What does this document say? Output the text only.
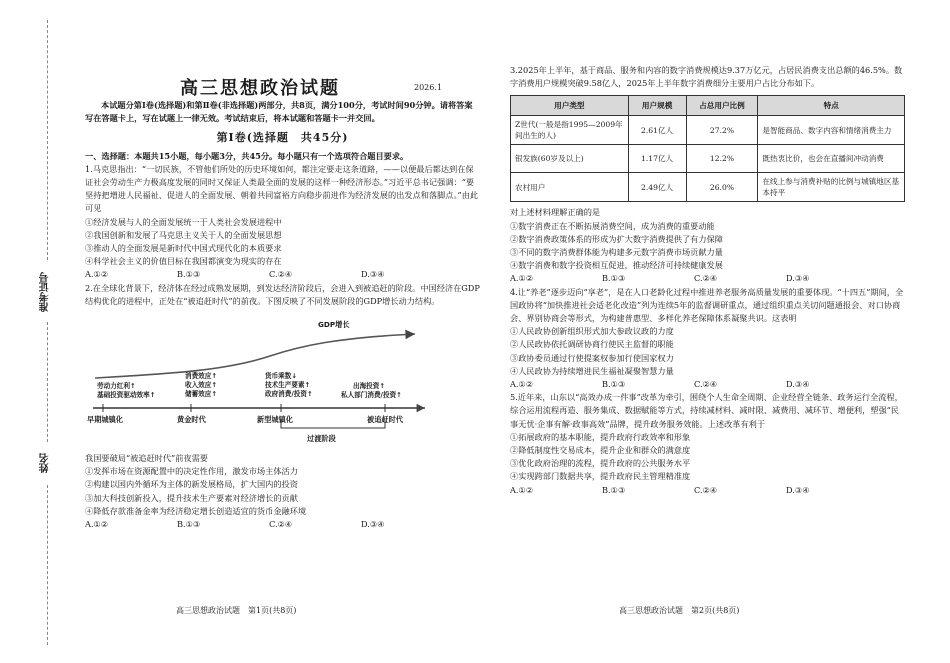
准考证号
姓名
高三思想政治试题	2026.1
本试题分第Ⅰ卷(选择题)和第Ⅱ卷(非选择题)两部分，共8页，满分100分，考试时间90分钟。请将答案写在答题卡上，写在试题上一律无效。考试结束后，将本试题和答题卡一并交回。
第Ⅰ卷(选择题　共45分)
一、选择题：本题共15小题，每小题3分，共45分。每小题只有一个选项符合题目要求。
1.马克思指出：“一切民族，不管他们所处的历史环境如何，都注定要走这条道路，——以便最后都达到在保证社会劳动生产力极高度发展的同时又保证人类最全面的发展的这样一种经济形态。”习近平总书记强调：“要坚持把增进人民福祉、促进人的全面发展、朝着共同富裕方向稳步前进作为经济发展的出发点和落脚点。”由此可见
①经济发展与人的全面发展统一于人类社会发展进程中
②我国创新和发展了马克思主义关于人的全面发展思想
③推动人的全面发展是新时代中国式现代化的本质要求
④科学社会主义的价值目标在我国都演变为现实的存在
A.①②	B.①③	C.②④	D.③④
2.在全球化背景下，经济体在经过成熟发展期，到发达经济阶段后，会进入到被追赶的阶段。中国经济在GDP结构优化的进程中，正处在“被追赶时代”的前夜。下图反映了不同发展阶段的GDP增长动力结构。
GDP增长
劳动力红利↑
基础投资驱动效率↑
消费效应↑
收入效应↑
储蓄效应↑
货币乘数↓
技术生产要素↑
政府消费/投资↑
出海投资↑
私人部门消费/投资↑
早期城镇化	黄金时代	新型城镇化	被追赶时代
过渡阶段
我国要破局“被追赶时代”前夜需要
①发挥市场在资源配置中的决定性作用，激发市场主体活力
②构建以国内外循环为主体的新发展格局，扩大国内的投资
③加大科技创新投入，提升技术生产要素对经济增长的贡献
④降低存款准备金率为经济稳定增长创造适宜的货币金融环境
A.①②	B.①③	C.②④	D.③④
3.2025年上半年，基于商品、服务和内容的数字消费规模达9.37万亿元，占居民消费支出总额的46.5%。数字消费用户规模突破9.58亿人，2025年上半年数字消费细分主要用户占比分布如下。
用户类型	用户规模	占总用户比例	特点
Z世代(一般是指1995—2009年间出生的人)	2.61亿人	27.2%	是智能商品、数字内容和情绪消费主力
银发族(60岁及以上)	1.17亿人	12.2%	既热衷比价，也会在直播间冲动消费
农村用户	2.49亿人	26.0%	在线上参与消费补贴的比例与城镇地区基本持平
对上述材料理解正确的是
①数字消费正在不断拓展消费空间，成为消费的重要动能
②数字消费政策体系的形成为扩大数字消费提供了有力保障
③不同的数字消费群体能为构建多元数字消费市场贡献力量
④数字消费和数字投资相互促进，推动经济可持续健康发展
A.①②	B.①③	C.②④	D.③④
4.让“养老”逐步迈向“享老”，是在人口老龄化过程中推进养老服务高质量发展的重要体现。“十四五”期间，全国政协将“加快推进社会适老化改造”列为连续5年的监督调研重点，通过组织重点关切问题通报会、对口协商会、界别协商会等形式，为构建普惠型、多样化养老保障体系凝聚共识。这表明
①人民政协创新组织形式加大参政议政的力度
②人民政协依托调研协商行使民主监督的职能
③政协委员通过行使提案权参加行使国家权力
④人民政协为持续增进民生福祉凝聚智慧力量
A.①②	B.①③	C.②④	D.③④
5.近年来，山东以“高效办成一件事”改革为牵引，围绕个人生命全周期、企业经营全链条、政务运行全流程，综合运用流程再造、服务集成、数据赋能等方式，持续减材料、减时限、减费用、减环节、增便利，塑强“民事无忧·企事有解·政事高效”品牌，提升政务服务效能。上述改革有利于
①拓展政府的基本职能，提升政府行政效率和形象
②降低制度性交易成本，提升企业和群众的满意度
③优化政府治理的流程，提升政府的公共服务水平
④实现跨部门数据共享，提升政府民主管理精准度
A.①②	B.①③	C.②④	D.③④
高三思想政治试题　第1页(共8页)	高三思想政治试题　第2页(共8页)
